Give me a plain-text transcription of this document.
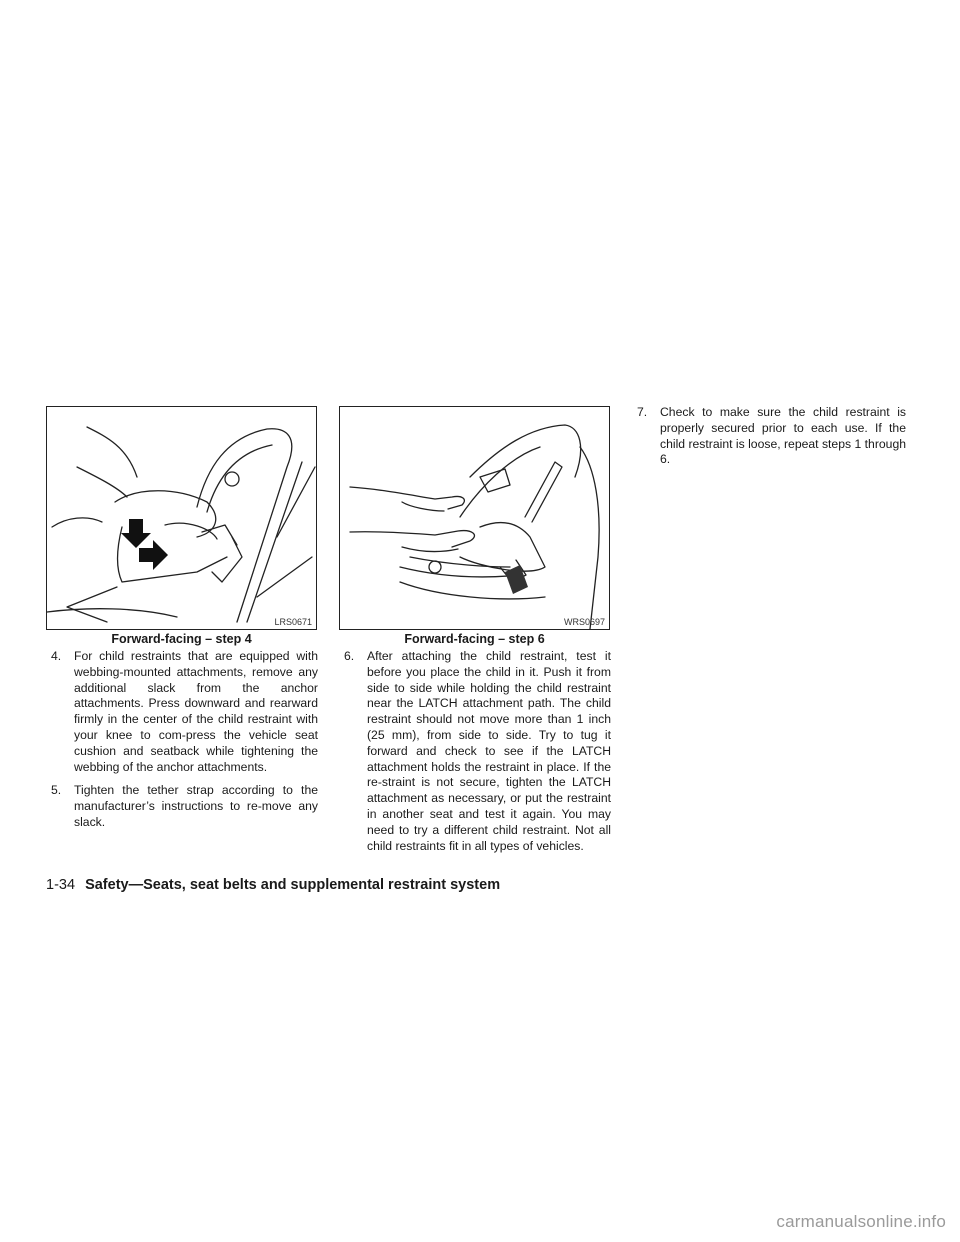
LRS0671
Forward-facing – step 4
WRS0697
Forward-facing – step 6
4. For child restraints that are equipped with webbing-mounted attachments, remove any additional slack from the anchor attachments. Press downward and rearward firmly in the center of the child restraint with your knee to com-press the vehicle seat cushion and seatback while tightening the webbing of the anchor attachments.
5. Tighten the tether strap according to the manufacturer’s instructions to re-move any slack.
6. After attaching the child restraint, test it before you place the child in it. Push it from side to side while holding the child restraint near the LATCH attachment path. The child restraint should not move more than 1 inch (25 mm), from side to side. Try to tug it forward and check to see if the LATCH attachment holds the restraint in place. If the re-straint is not secure, tighten the LATCH attachment as necessary, or put the restraint in another seat and test it again. You may need to try a different child restraint. Not all child restraints fit in all types of vehicles.
7. Check to make sure the child restraint is properly secured prior to each use. If the child restraint is loose, repeat steps 1 through 6.
1-34 Safety—Seats, seat belts and supplemental restraint system
carmanualsonline.info
